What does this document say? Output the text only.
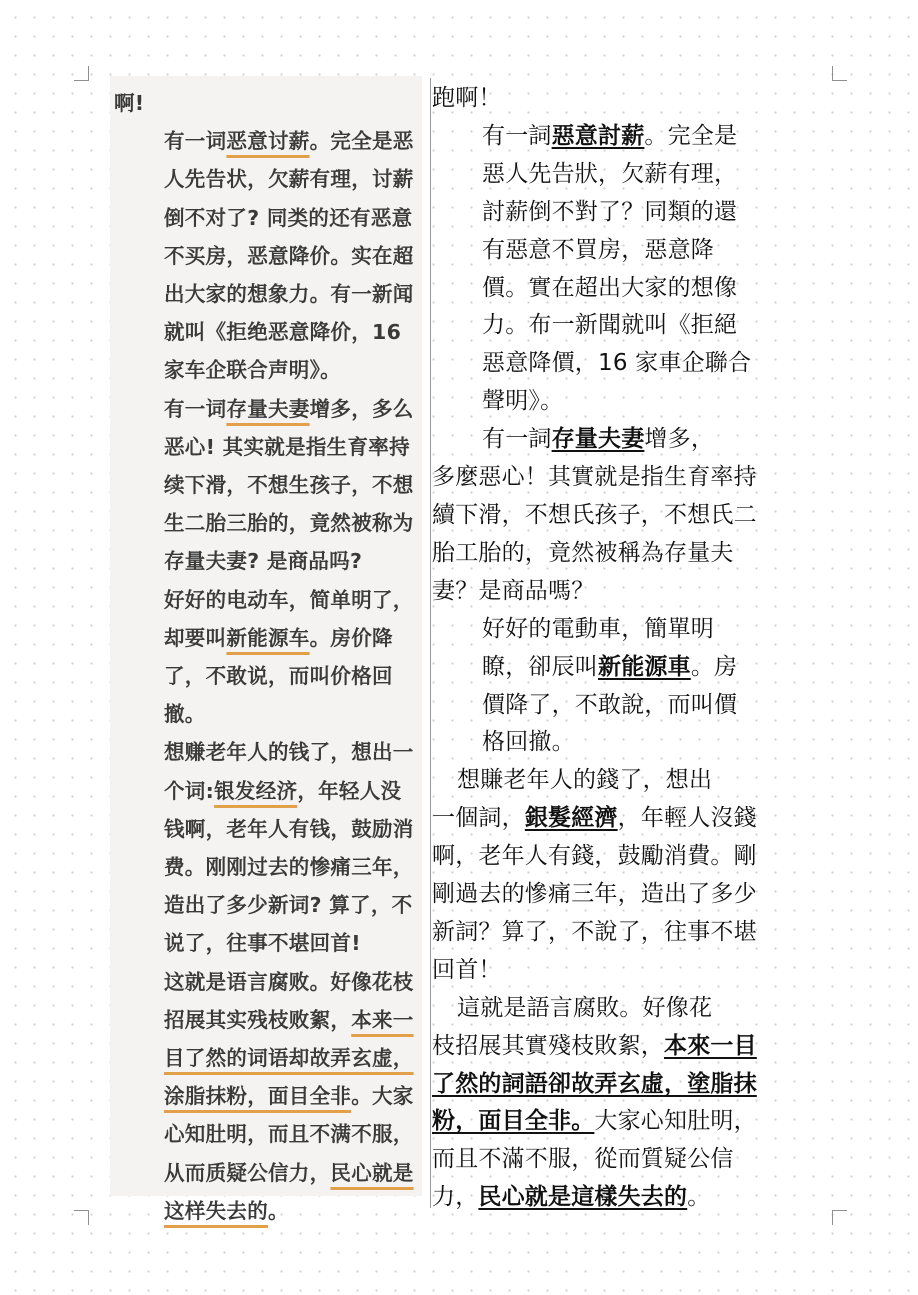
啊!

有一词恶意讨薪。完全是恶人先告状，欠薪有理，讨薪倒不对了? 同类的还有恶意不买房，恶意降价。实在超出大家的想象力。有一新闻就叫《拒绝恶意降价，16家车企联合声明》。

有一词存量夫妻增多，多么恶心! 其实就是指生育率持续下滑，不想生孩子，不想生二胎三胎的，竟然被称为存量夫妻? 是商品吗?

好好的电动车，简单明了，却要叫新能源车。房价降了，不敢说，而叫价格回撤。

想赚老年人的钱了，想出一个词:银发经济，年轻人没钱啊，老年人有钱，鼓励消费。刚刚过去的惨痛三年，造出了多少新词? 算了，不说了，往事不堪回首!

这就是语言腐败。好像花枝招展其实残枝败絮，本来一目了然的词语却故弄玄虚，涂脂抹粉，面目全非。大家心知肚明，而且不满不服，从而质疑公信力，民心就是这样失去的。

跑啊！

有一詞惡意討薪。完全是惡人先告狀，欠薪有理，討薪倒不對了？同類的還有惡意不買房，惡意降價。實在超出大家的想像力。布一新聞就叫《拒絕惡意降價，16 家車企聯合聲明》。

有一詞存量夫妻增多，

多麼惡心！其實就是指生育率持續下滑，不想氏孩子，不想氏二胎工胎的，竟然被稱為存量夫妻？是商品嗎？

好好的電動車，簡單明瞭，卻辰叫新能源車。房價降了，不敢說，而叫價格回撤。

想賺老年人的錢了，想出

一個詞，銀髮經濟，年輕人沒錢啊，老年人有錢，鼓勵消費。剛剛過去的慘痛三年，造出了多少新詞？算了，不說了，往事不堪回首！

這就是語言腐敗。好像花

枝招展其實殘枝敗絮，本來一目了然的詞語卻故弄玄虛，塗脂抹粉，面目全非。大家心知肚明，而且不滿不服，從而質疑公信力，民心就是這樣失去的。
